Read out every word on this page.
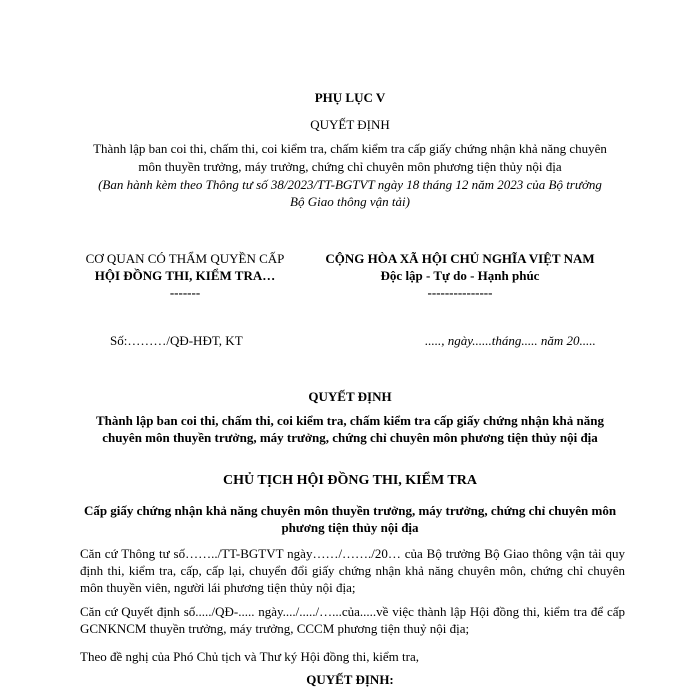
PHỤ LỤC V
QUYẾT ĐỊNH
Thành lập ban coi thi, chấm thi, coi kiểm tra, chấm kiểm tra cấp giấy chứng nhận khả năng chuyên môn thuyền trưởng, máy trưởng, chứng chỉ chuyên môn phương tiện thủy nội địa
(Ban hành kèm theo Thông tư số 38/2023/TT-BGTVT ngày 18 tháng 12 năm 2023 của Bộ trưởng Bộ Giao thông vận tải)
CƠ QUAN CÓ THẨM QUYỀN CẤP
HỘI ĐỒNG THI, KIỂM TRA…
-------
CỘNG HÒA XÃ HỘI CHỦ NGHĨA VIỆT NAM
Độc lập - Tự do - Hạnh phúc
---------------
Số:………/QĐ-HĐT, KT	....., ngày......tháng..... năm 20.....
QUYẾT ĐỊNH
Thành lập ban coi thi, chấm thi, coi kiểm tra, chấm kiểm tra cấp giấy chứng nhận khả năng chuyên môn thuyền trưởng, máy trưởng, chứng chỉ chuyên môn phương tiện thủy nội địa
CHỦ TỊCH HỘI ĐỒNG THI, KIỂM TRA
Cấp giấy chứng nhận khả năng chuyên môn thuyền trưởng, máy trưởng, chứng chỉ chuyên môn phương tiện thủy nội địa
Căn cứ Thông tư số……../TT-BGTVT ngày……/……./20… của Bộ trưởng Bộ Giao thông vận tải quy định thi, kiểm tra, cấp, cấp lại, chuyển đổi giấy chứng nhận khả năng chuyên môn, chứng chỉ chuyên môn thuyền viên, người lái phương tiện thủy nội địa;
Căn cứ Quyết định số...../QĐ-..... ngày..../...../…...của.....về việc thành lập Hội đồng thi, kiểm tra để cấp GCNKNCM thuyền trưởng, máy trưởng, CCCM phương tiện thuỷ nội địa;
Theo đề nghị của Phó Chủ tịch và Thư ký Hội đồng thi, kiểm tra,
QUYẾT ĐỊNH:
